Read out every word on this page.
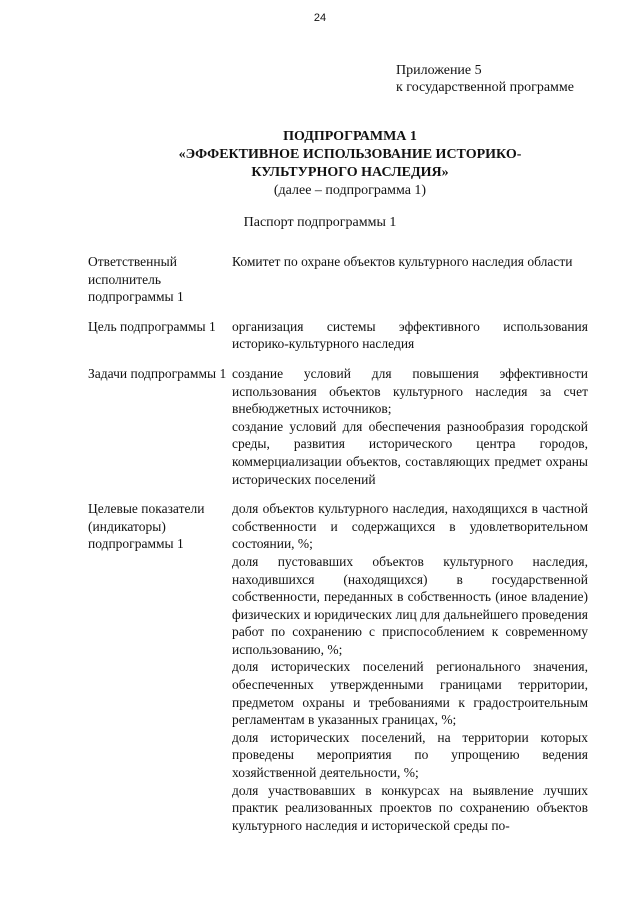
24
Приложение 5
к государственной программе
ПОДПРОГРАММА 1
«ЭФФЕКТИВНОЕ ИСПОЛЬЗОВАНИЕ ИСТОРИКО-
КУЛЬТУРНОГО НАСЛЕДИЯ»
(далее – подпрограмма 1)
Паспорт подпрограммы 1
Ответственный исполнитель подпрограммы 1

Комитет по охране объектов культурного наследия области

Цель подпрограммы 1	организация системы эффективного использования историко-культурного наследия

Задачи подпрограммы 1 создание условий для повышения эффективности использования объектов культурного наследия за счет внебюджетных источников;

создание условий для обеспечения разнообразия городской среды, развития исторического центра городов, коммерциализации объектов, составляющих предмет охраны исторических поселений

Целевые показатели (индикаторы) подпрограммы 1

доля объектов культурного наследия, находящихся в частной собственности и содержащихся в удовлетворительном состоянии, %;

доля пустовавших объектов культурного наследия, находившихся (находящихся) в государственной собственности, переданных в собственность (иное владение) физических и юридических лиц для дальнейшего проведения работ по сохранению с приспособлением к современному использованию, %;

доля исторических поселений регионального значения, обеспеченных утвержденными границами территории, предметом охраны и требованиями к градостроительным регламентам в указанных границах, %;

доля исторических поселений, на территории которых проведены мероприятия по упрощению ведения хозяйственной деятельности, %;

доля участвовавших в конкурсах на выявление лучших практик реализованных проектов по сохранению объектов культурного наследия и исторической среды по-
